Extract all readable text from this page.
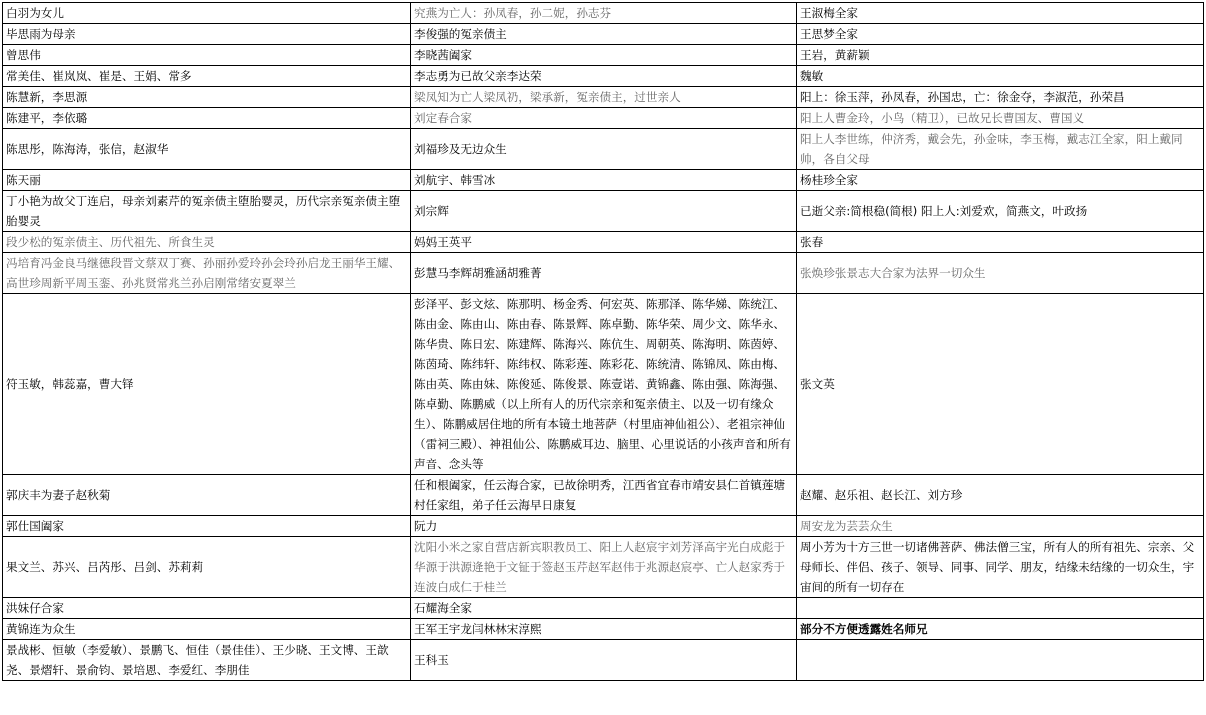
白羽为女儿	究燕为亡人：孙凤春，孙二妮，孙志芬	王淑梅全家
毕思雨为母亲	李俊强的冤亲债主	王思梦全家
曾思伟	李晓茜阖家	王岩，黄薪颖
常美佳、崔岚岚、崔是、王娟、常多	李志勇为已故父亲李达荣	魏敏
陈慧新，李思源	梁凤知为亡人梁凤礽，梁承新，冤亲债主，过世亲人	阳上：徐玉萍，孙凤春，孙国忠，亡：徐金夺，李淑范，孙荣昌
陈建平，李依璐	刘定春合家	阳上人曹金玲，小鸟（精卫），已故兄长曹国友、曹国义
陈思彤，陈海涛，张信，赵淑华	刘福珍及无边众生	阳上人李世练，仲济秀，戴会先，孙金味，李玉梅，戴志江全家，阳上戴同帅，各自父母
陈天丽	刘航宇、韩雪冰	杨桂珍全家
丁小艳为故父丁连启，母亲刘素芹的冤亲债主堕胎婴灵，历代宗亲冤亲债主堕胎婴灵	刘宗辉	已逝父亲:简根稳(简根) 阳上人:刘爱欢，简燕文，叶政扬
段少松的冤亲债主、历代祖先、所食生灵	妈妈王英平	张春
冯培育冯金良马继德段晋文蔡双丁赛、孙丽孙爱玲孙会玲孙启龙王丽华王耀、高世珍周新平周玉銮、孙兆贤常兆兰孙启刚常绪安夏翠兰	彭慧马李辉胡雅涵胡雅菁	张焕珍张景志大合家为法界一切众生
符玉敏，韩蕊嘉，曹大铎	彭泽平、彭文炫、陈那明、杨金秀、何宏英、陈那泽、陈华娣、陈统江、陈由金、陈由山、陈由春、陈景辉、陈卓勤、陈华荣、周少文、陈华永、陈华贵、陈日宏、陈建辉、陈海兴、陈伉生、周朝英、陈海明、陈茵婷、陈茵琦、陈纬轩、陈纬权、陈彩莲、陈彩花、陈统清、陈锦凤、陈由梅、陈由英、陈由妹、陈俊延、陈俊景、陈壹诺、黄锦鑫、陈由强、陈海强、陈卓勤、陈鹏威（以上所有人的历代宗亲和冤亲债主、以及一切有缘众生）、陈鹏威居住地的所有本镜土地菩萨（村里庙神仙祖公）、老祖宗神仙（雷祠三殿）、神祖仙公、陈鹏威耳边、脑里、心里说话的小孩声音和所有声音、念头等	张文英
郭庆丰为妻子赵秋菊	任和根阖家，任云海合家，已故徐明秀，江西省宜春市靖安县仁首镇莲塘村任家组，弟子任云海早日康复	赵耀、赵乐祖、赵长江、刘方珍
郭仕国阖家	阮力	周安龙为芸芸众生
果文兰、苏兴、吕芮彤、吕剑、苏莉莉	沈阳小米之家自营店新宾职教员工、阳上人赵宸宇刘芳泽高宇光白成彪于华源于洪源逄艳于文钲于签赵玉芹赵军赵伟于兆源赵宸亭、亡人赵家秀于连波白成仁于桂兰	周小芳为十方三世一切诸佛菩萨、佛法僧三宝，所有人的所有祖先、宗亲、父母师长、伴侣、孩子、领导、同事、同学、朋友，结缘未结缘的一切众生，宇宙间的所有一切存在
洪妹仔合家	石耀海全家	
黄锦连为众生	王军王宇龙闫林林宋淳熙	部分不方便透露姓名师兄
景战彬、恒敏（李爱敏）、景鹏飞、恒佳（景佳佳）、王少晓、王文博、王歆尧、景熠轩、景俞钧、景培恩、李爱红、李朋佳	王科玉	
